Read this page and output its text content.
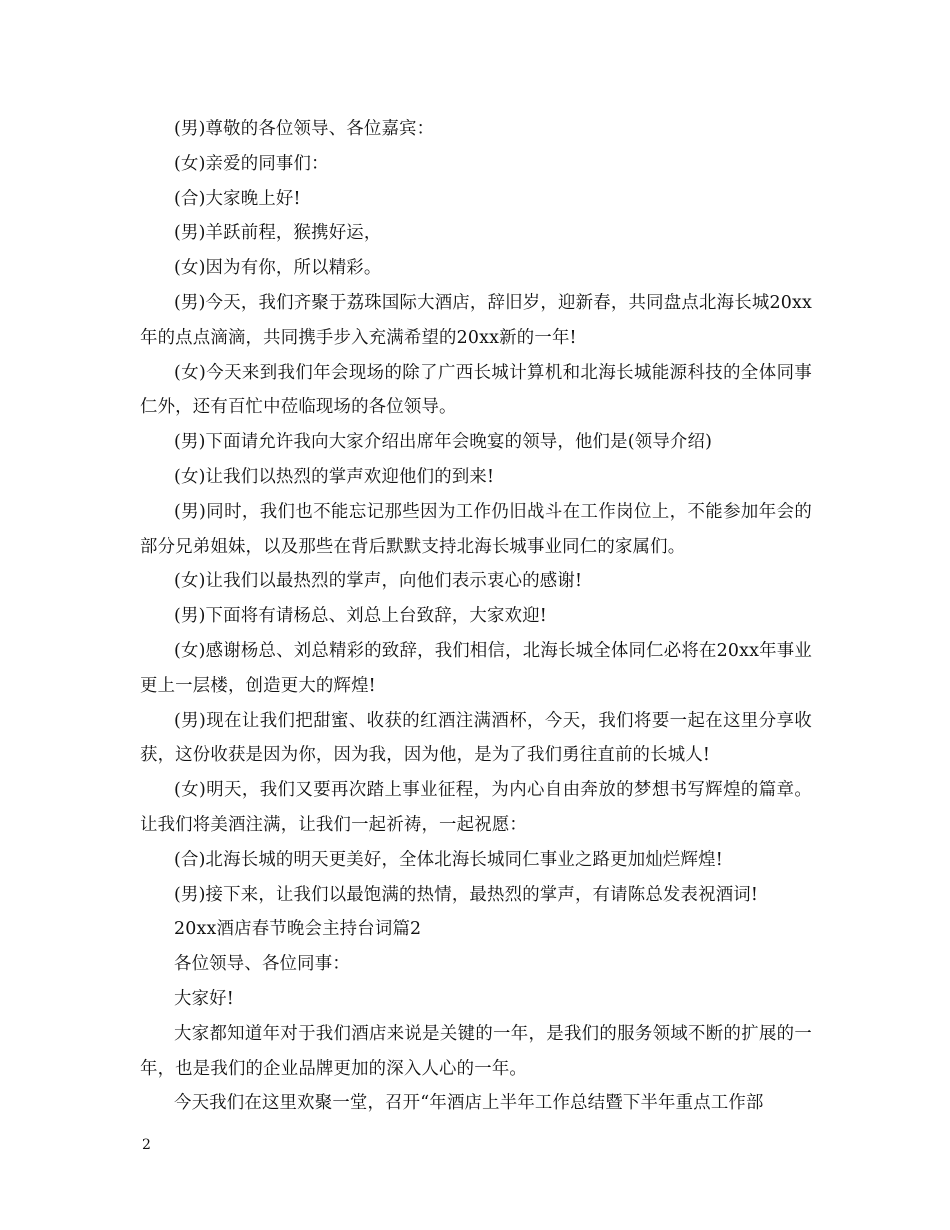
(男)尊敬的各位领导、各位嘉宾：

(女)亲爱的同事们：

(合)大家晚上好!

(男)羊跃前程，猴携好运，

(女)因为有你，所以精彩。

(男)今天，我们齐聚于荔珠国际大酒店，辞旧岁，迎新春，共同盘点北海长城20xx年的点点滴滴，共同携手步入充满希望的20xx新的一年!

(女)今天来到我们年会现场的除了广西长城计算机和北海长城能源科技的全体同事仁外，还有百忙中莅临现场的各位领导。

(男)下面请允许我向大家介绍出席年会晚宴的领导，他们是(领导介绍)

(女)让我们以热烈的掌声欢迎他们的到来!

(男)同时，我们也不能忘记那些因为工作仍旧战斗在工作岗位上，不能参加年会的部分兄弟姐妹，以及那些在背后默默支持北海长城事业同仁的家属们。

(女)让我们以最热烈的掌声，向他们表示衷心的感谢!

(男)下面将有请杨总、刘总上台致辞，大家欢迎!

(女)感谢杨总、刘总精彩的致辞，我们相信，北海长城全体同仁必将在20xx年事业更上一层楼，创造更大的辉煌!

(男)现在让我们把甜蜜、收获的红酒注满酒杯，今天，我们将要一起在这里分享收获，这份收获是因为你，因为我，因为他，是为了我们勇往直前的长城人!

(女)明天，我们又要再次踏上事业征程，为内心自由奔放的梦想书写辉煌的篇章。让我们将美酒注满，让我们一起祈祷，一起祝愿：

(合)北海长城的明天更美好，全体北海长城同仁事业之路更加灿烂辉煌!

(男)接下来，让我们以最饱满的热情，最热烈的掌声，有请陈总发表祝酒词!

20xx酒店春节晚会主持台词篇2

各位领导、各位同事：

大家好!

大家都知道年对于我们酒店来说是关键的一年，是我们的服务领域不断的扩展的一年，也是我们的企业品牌更加的深入人心的一年。

今天我们在这里欢聚一堂，召开“年酒店上半年工作总结暨下半年重点工作部

2
